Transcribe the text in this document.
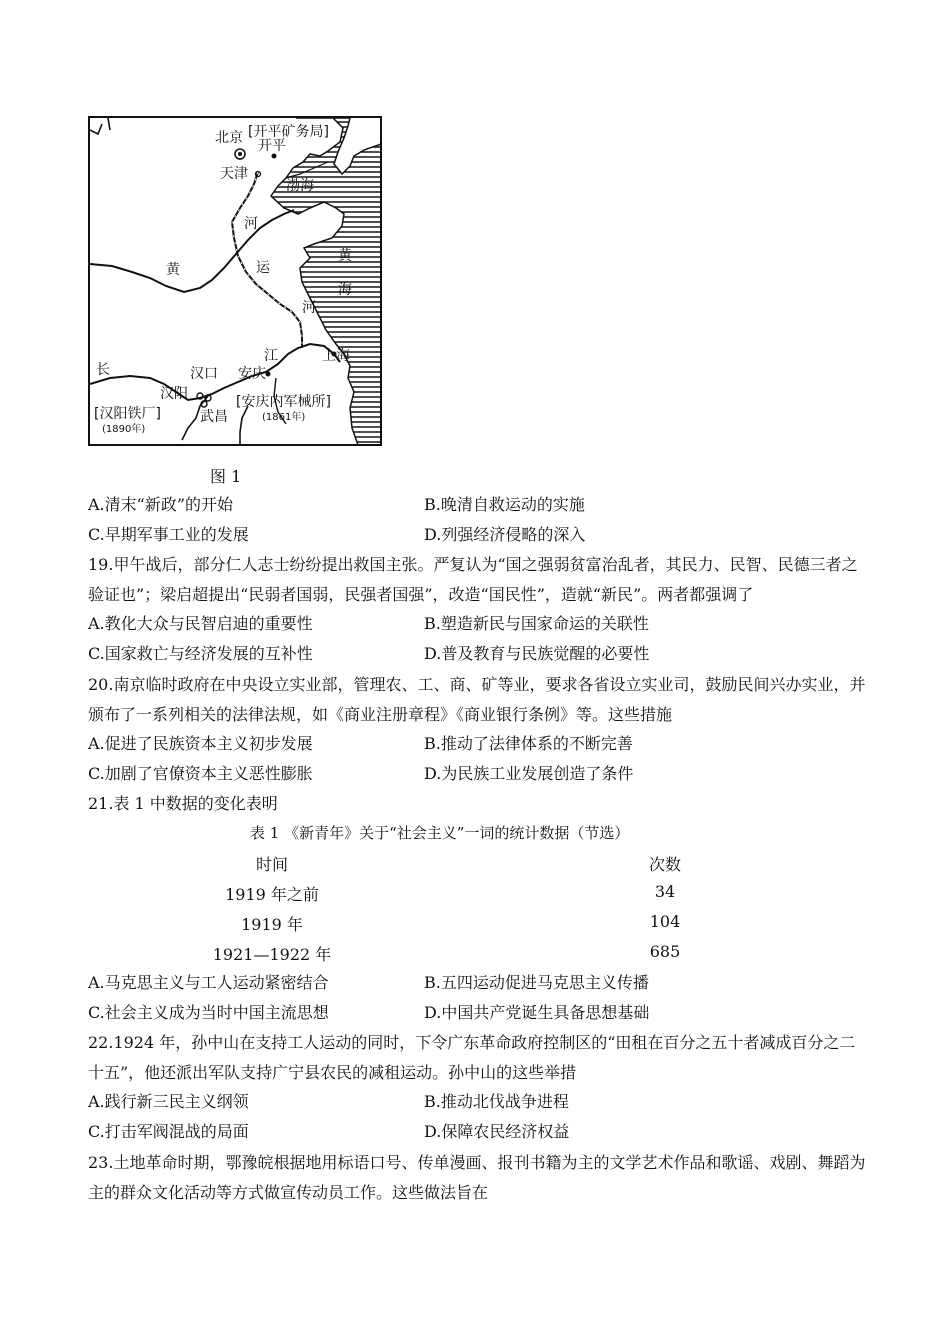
北京 [开平矿务局]
开平
天津
渤海
河
黄	运
黄
海
河
江	上海
长	汉口 安庆
汉阳
武昌
[汉阳铁厂]
(1890年)
[安庆内军械所]
(1861年)
图 1
A.清末“新政”的开始	B.晚清自救运动的实施
C.早期军事工业的发展	D.列强经济侵略的深入
19.甲午战后，部分仁人志士纷纷提出救国主张。严复认为“国之强弱贫富治乱者，其民力、民智、民德三者之验证也”；梁启超提出“民弱者国弱，民强者国强”，改造“国民性”，造就“新民”。两者都强调了
A.教化大众与民智启迪的重要性	B.塑造新民与国家命运的关联性
C.国家救亡与经济发展的互补性	D.普及教育与民族觉醒的必要性
20.南京临时政府在中央设立实业部，管理农、工、商、矿等业，要求各省设立实业司，鼓励民间兴办实业，并颁布了一系列相关的法律法规，如《商业注册章程》《商业银行条例》等。这些措施
A.促进了民族资本主义初步发展	B.推动了法律体系的不断完善
C.加剧了官僚资本主义恶性膨胀	D.为民族工业发展创造了条件
21.表 1 中数据的变化表明
表 1 《新青年》关于“社会主义”一词的统计数据（节选）
时间	次数
1919 年之前	34
1919 年	104
1921—1922 年	685
A.马克思主义与工人运动紧密结合	B.五四运动促进马克思主义传播
C.社会主义成为当时中国主流思想	D.中国共产党诞生具备思想基础
22.1924 年，孙中山在支持工人运动的同时，下令广东革命政府控制区的“田租在百分之五十者减成百分之二十五”，他还派出军队支持广宁县农民的减租运动。孙中山的这些举措
A.践行新三民主义纲领	B.推动北伐战争进程
C.打击军阀混战的局面	D.保障农民经济权益
23.土地革命时期，鄂豫皖根据地用标语口号、传单漫画、报刊书籍为主的文学艺术作品和歌谣、戏剧、舞蹈为主的群众文化活动等方式做宣传动员工作。这些做法旨在
